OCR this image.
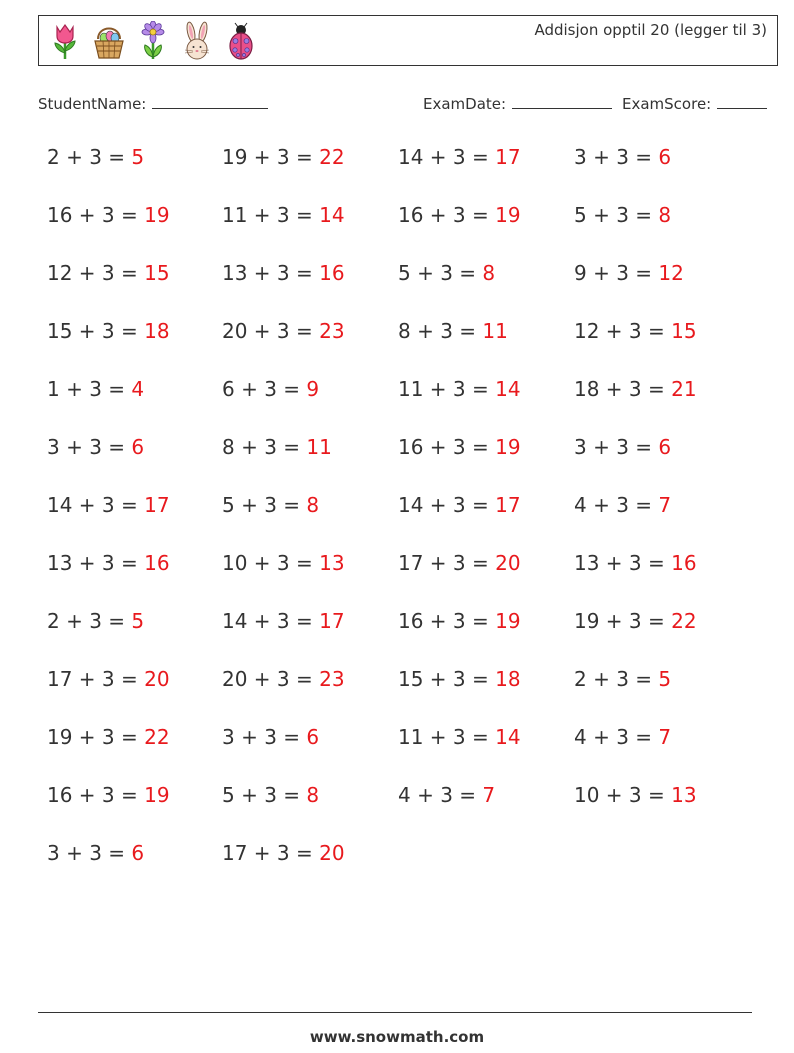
Addisjon opptil 20 (legger til 3)
StudentName:	ExamDate:	ExamScore:
2 + 3 = 5	19 + 3 = 22	14 + 3 = 17	3 + 3 = 6
16 + 3 = 19	11 + 3 = 14	16 + 3 = 19	5 + 3 = 8
12 + 3 = 15	13 + 3 = 16	5 + 3 = 8	9 + 3 = 12
15 + 3 = 18	20 + 3 = 23	8 + 3 = 11	12 + 3 = 15
1 + 3 = 4	6 + 3 = 9	11 + 3 = 14	18 + 3 = 21
3 + 3 = 6	8 + 3 = 11	16 + 3 = 19	3 + 3 = 6
14 + 3 = 17	5 + 3 = 8	14 + 3 = 17	4 + 3 = 7
13 + 3 = 16	10 + 3 = 13	17 + 3 = 20	13 + 3 = 16
2 + 3 = 5	14 + 3 = 17	16 + 3 = 19	19 + 3 = 22
17 + 3 = 20	20 + 3 = 23	15 + 3 = 18	2 + 3 = 5
19 + 3 = 22	3 + 3 = 6	11 + 3 = 14	4 + 3 = 7
16 + 3 = 19	5 + 3 = 8	4 + 3 = 7	10 + 3 = 13
3 + 3 = 6	17 + 3 = 20
www.snowmath.com
